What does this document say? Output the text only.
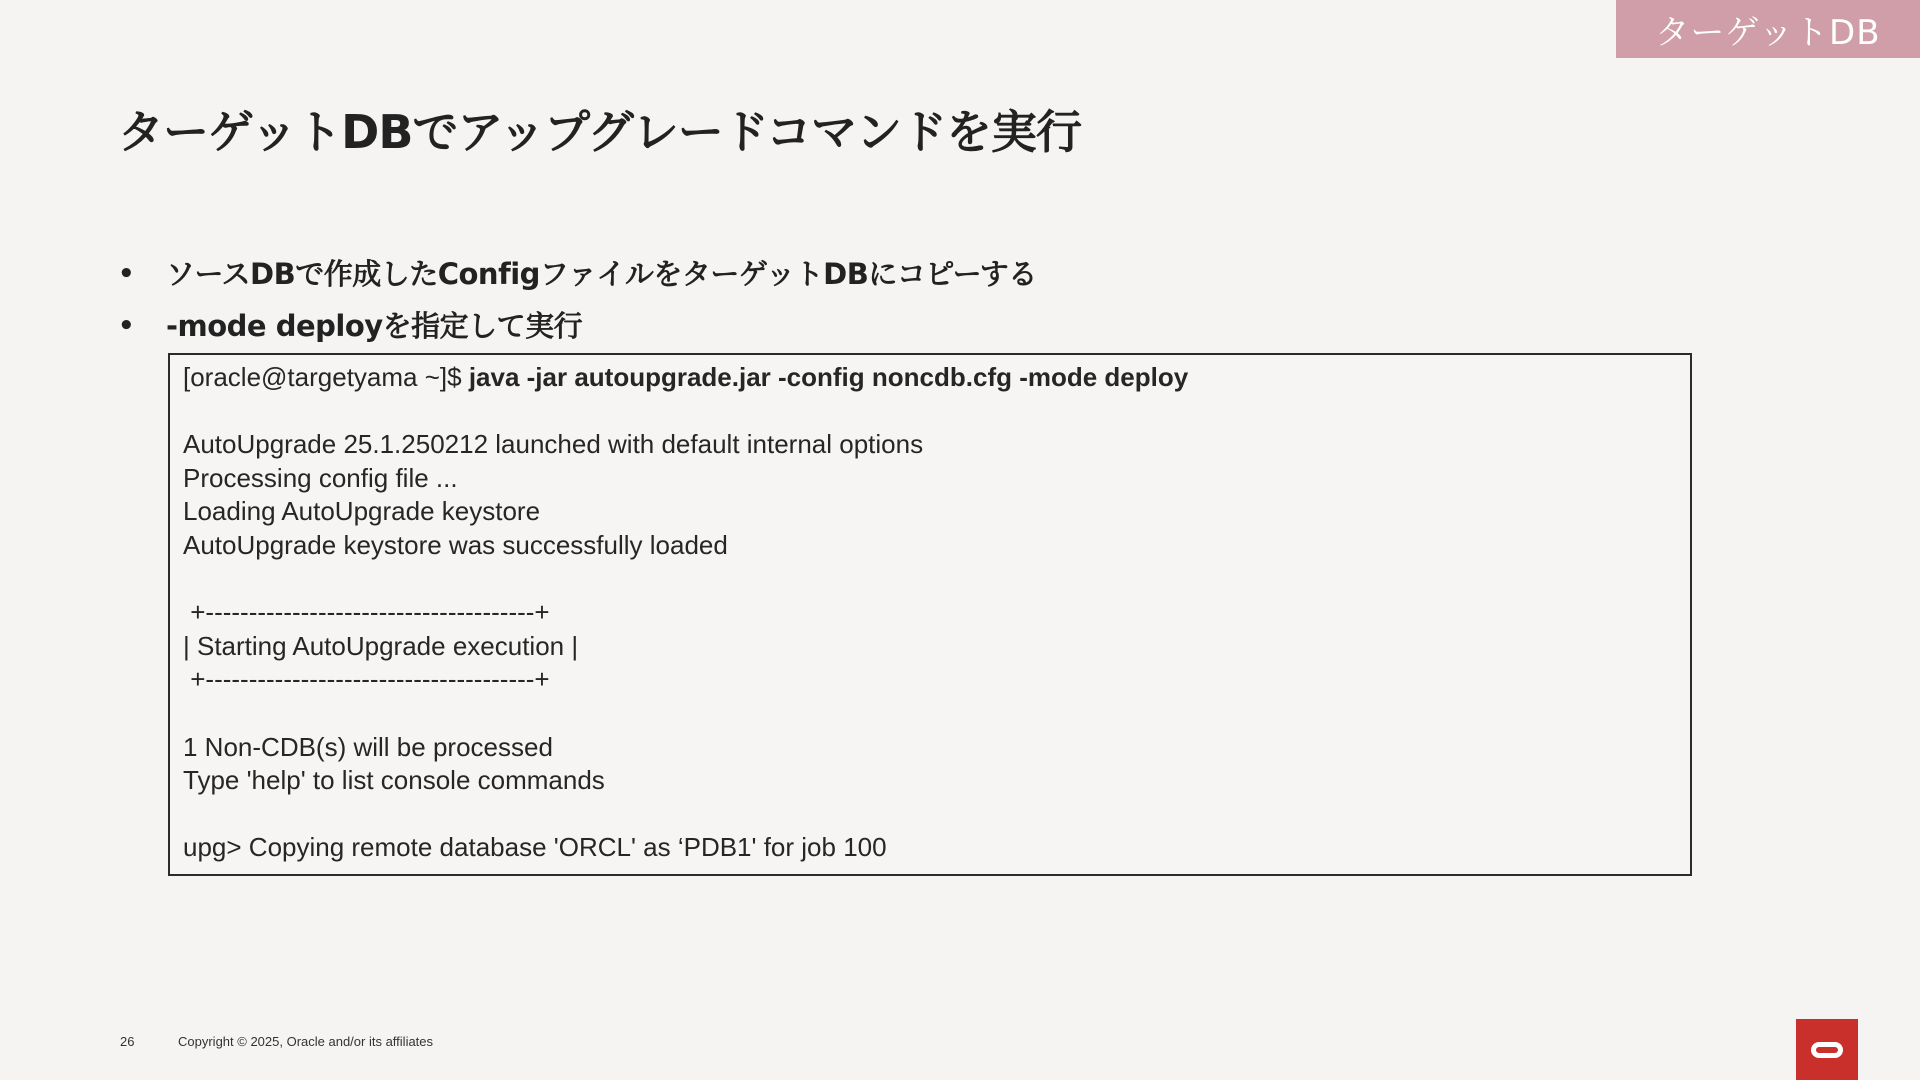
ターゲットDB
ターゲットDBでアップグレードコマンドを実行
• ソースDBで作成したConfigファイルをターゲットDBにコピーする
• -mode deployを指定して実行
[oracle@targetyama ~]$ java -jar autoupgrade.jar -config noncdb.cfg -mode deploy
AutoUpgrade 25.1.250212 launched with default internal options
Processing config file ...
Loading AutoUpgrade keystore
AutoUpgrade keystore was successfully loaded
+--------------------------------------+
| Starting AutoUpgrade execution |
+--------------------------------------+
1 Non-CDB(s) will be processed
Type 'help' to list console commands
upg> Copying remote database 'ORCL' as ‘PDB1' for job 100
26	Copyright © 2025, Oracle and/or its affiliates
